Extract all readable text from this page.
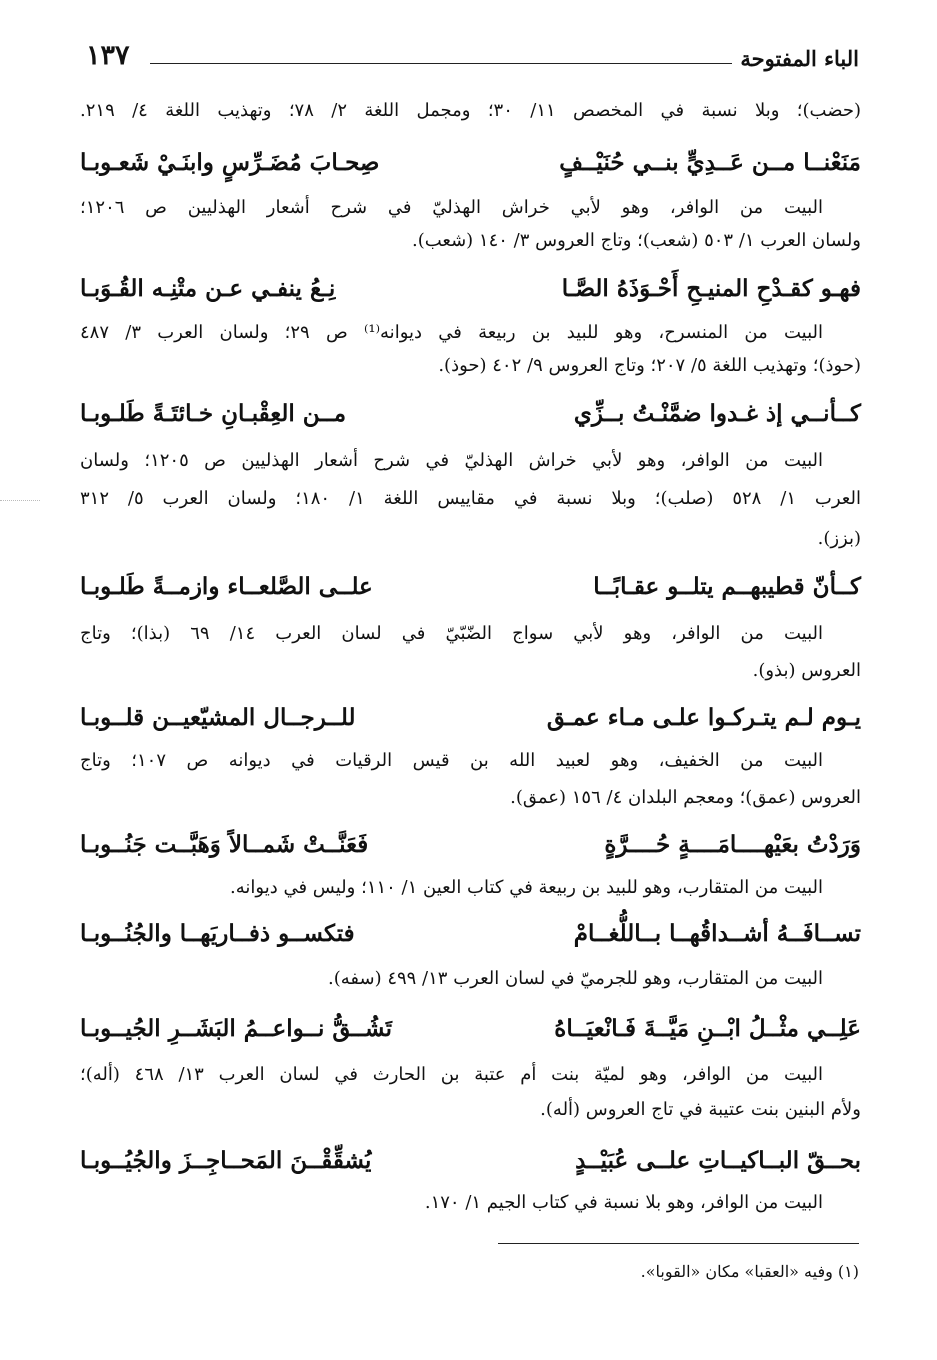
١٣٧	الباء المفتوحة
(حضب)؛ وبلا نسبة في المخصص ١١/ ٣٠؛ ومجمل اللغة ٢/ ٧٨؛ وتهذيب اللغة ٤/ ٢١٩.
مَنَعْنــا مــن عَــدِيٍّ بنــي حُنَيْــفٍ
صِحـابَ مُضَـرِّسٍ وابنَـيْ شَعـوبـا
البيت من الوافر، وهو لأبي خراش الهذليّ في شرح أشعار الهذليين ص ١٢٠٦؛
ولسان العرب ١/ ٥٠٣ (شعب)؛ وتاج العروس ٣/ ١٤٠ (شعب).
فهـو كقـدْحِ المنيـحِ أَحْـوَذَهُ الصَّـا
نِـعُ ينفـي عـن متْنِـه القُـوَبـا
البيت من المنسرح، وهو للبيد بن ربيعة في ديوانه⁽¹⁾ ص ٢٩؛ ولسان العرب ٣/ ٤٨٧
(حوذ)؛ وتهذيب اللغة ٥/ ٢٠٧؛ وتاج العروس ٩/ ٤٠٢ (حوذ).
كــأنــي إذ غـدوا ضمَّنْـتُ بــزِّي
مــن العِقْبـانِ خـائتَـةً طَلـوبـا
البيت من الوافر، وهو لأبي خراش الهذليّ في شرح أشعار الهذليين ص ١٢٠٥؛ ولسان
العرب ١/ ٥٢٨ (صلب)؛ وبلا نسبة في مقاييس اللغة ١/ ١٨٠؛ ولسان العرب ٥/ ٣١٢
(بزز).
كــأنّ قطيبهــم يتلــو عقـابًــا
علــى الصَّلعــاء وازمــةً طَلـوبـا
البيت من الوافر، وهو لأبي سواج الضّبّيّ في لسان العرب ١٤/ ٦٩ (بذا)؛ وتاج
العروس (بذو).
يـوم لـم يتـركـوا علـى مـاء عمـق
للــرجــال المشيّعيــن قلــوبـا
البيت من الخفيف، وهو لعبيد الله بن قيس الرقيات في ديوانه ص ١٠٧؛ وتاج
العروس (عمق)؛ ومعجم البلدان ٤/ ١٥٦ (عمق).
وَرَدْتُ بعَيْهــــامَــــةٍ حُــــرَّةٍ
فَعَنَّــتْ شَمــالاً وَهَبَّــت جَنُــوبـا
البيت من المتقارب، وهو للبيد بن ربيعة في كتاب العين ١/ ١١٠؛ وليس في ديوانه.
تســافَــهُ أشــداقُهــا بــاللُّغــامْ
فتكســو ذفــاريَهــا والجُنُــوبـا
البيت من المتقارب، وهو للجرميّ في لسان العرب ١٣/ ٤٩٩ (سفه).
عَلِــي مثْــلُ ابْــنِ مَيَّــةَ فَـانْعيَــاهُ
تَشُــقُّ نــواعــمُ البَشَــرِ الجُيــوبـا
البيت من الوافر، وهو لميّة بنت أم عتبة بن الحارث في لسان العرب ١٣/ ٤٦٨ (أله)؛
ولأم البنين بنت عتيبة في تاج العروس (أله).
بحــقّ البــاكيــاتِ علــى عُبَيْــدٍ
يُشقِّقْــنَ المَحــاجِــزَ والجُيُــوبـا
البيت من الوافر، وهو بلا نسبة في كتاب الجيم ١/ ١٧٠.
(١) وفيه «العقبا» مكان «القوبا».
